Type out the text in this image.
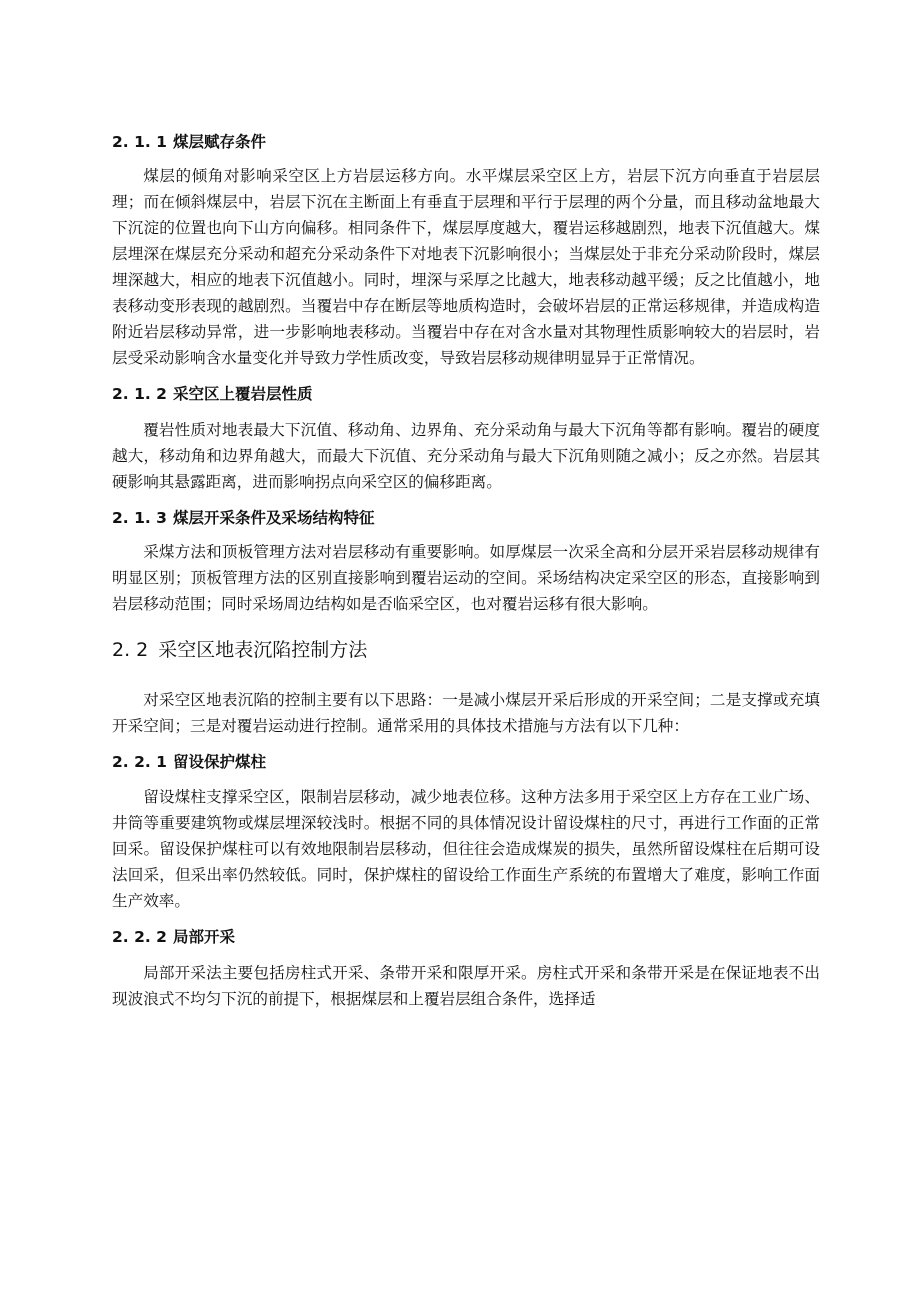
2. 1. 1 煤层赋存条件

煤层的倾角对影响采空区上方岩层运移方向。水平煤层采空区上方，岩层下沉方向垂直于岩层层理；而在倾斜煤层中，岩层下沉在主断面上有垂直于层理和平行于层理的两个分量，而且移动盆地最大下沉淀的位置也向下山方向偏移。相同条件下，煤层厚度越大，覆岩运移越剧烈，地表下沉值越大。煤层埋深在煤层充分采动和超充分采动条件下对地表下沉影响很小；当煤层处于非充分采动阶段时，煤层埋深越大，相应的地表下沉值越小。同时，埋深与采厚之比越大，地表移动越平缓；反之比值越小，地表移动变形表现的越剧烈。当覆岩中存在断层等地质构造时，会破坏岩层的正常运移规律，并造成构造附近岩层移动异常，进一步影响地表移动。当覆岩中存在对含水量对其物理性质影响较大的岩层时，岩层受采动影响含水量变化并导致力学性质改变，导致岩层移动规律明显异于正常情况。

2. 1. 2 采空区上覆岩层性质

覆岩性质对地表最大下沉值、移动角、边界角、充分采动角与最大下沉角等都有影响。覆岩的硬度越大，移动角和边界角越大，而最大下沉值、充分采动角与最大下沉角则随之减小；反之亦然。岩层其硬影响其悬露距离，进而影响拐点向采空区的偏移距离。

2. 1. 3 煤层开采条件及采场结构特征

采煤方法和顶板管理方法对岩层移动有重要影响。如厚煤层一次采全高和分层开采岩层移动规律有明显区别；顶板管理方法的区别直接影响到覆岩运动的空间。采场结构决定采空区的形态，直接影响到岩层移动范围；同时采场周边结构如是否临采空区，也对覆岩运移有很大影响。

2. 2 采空区地表沉陷控制方法

对采空区地表沉陷的控制主要有以下思路：一是减小煤层开采后形成的开采空间；二是支撑或充填开采空间；三是对覆岩运动进行控制。通常采用的具体技术措施与方法有以下几种：

2. 2. 1 留设保护煤柱

留设煤柱支撑采空区，限制岩层移动，减少地表位移。这种方法多用于采空区上方存在工业广场、井筒等重要建筑物或煤层埋深较浅时。根据不同的具体情况设计留设煤柱的尺寸，再进行工作面的正常回采。留设保护煤柱可以有效地限制岩层移动，但往往会造成煤炭的损失，虽然所留设煤柱在后期可设法回采，但采出率仍然较低。同时，保护煤柱的留设给工作面生产系统的布置增大了难度，影响工作面生产效率。

2. 2. 2 局部开采

局部开采法主要包括房柱式开采、条带开采和限厚开采。房柱式开采和条带开采是在保证地表不出现波浪式不均匀下沉的前提下，根据煤层和上覆岩层组合条件，选择适
